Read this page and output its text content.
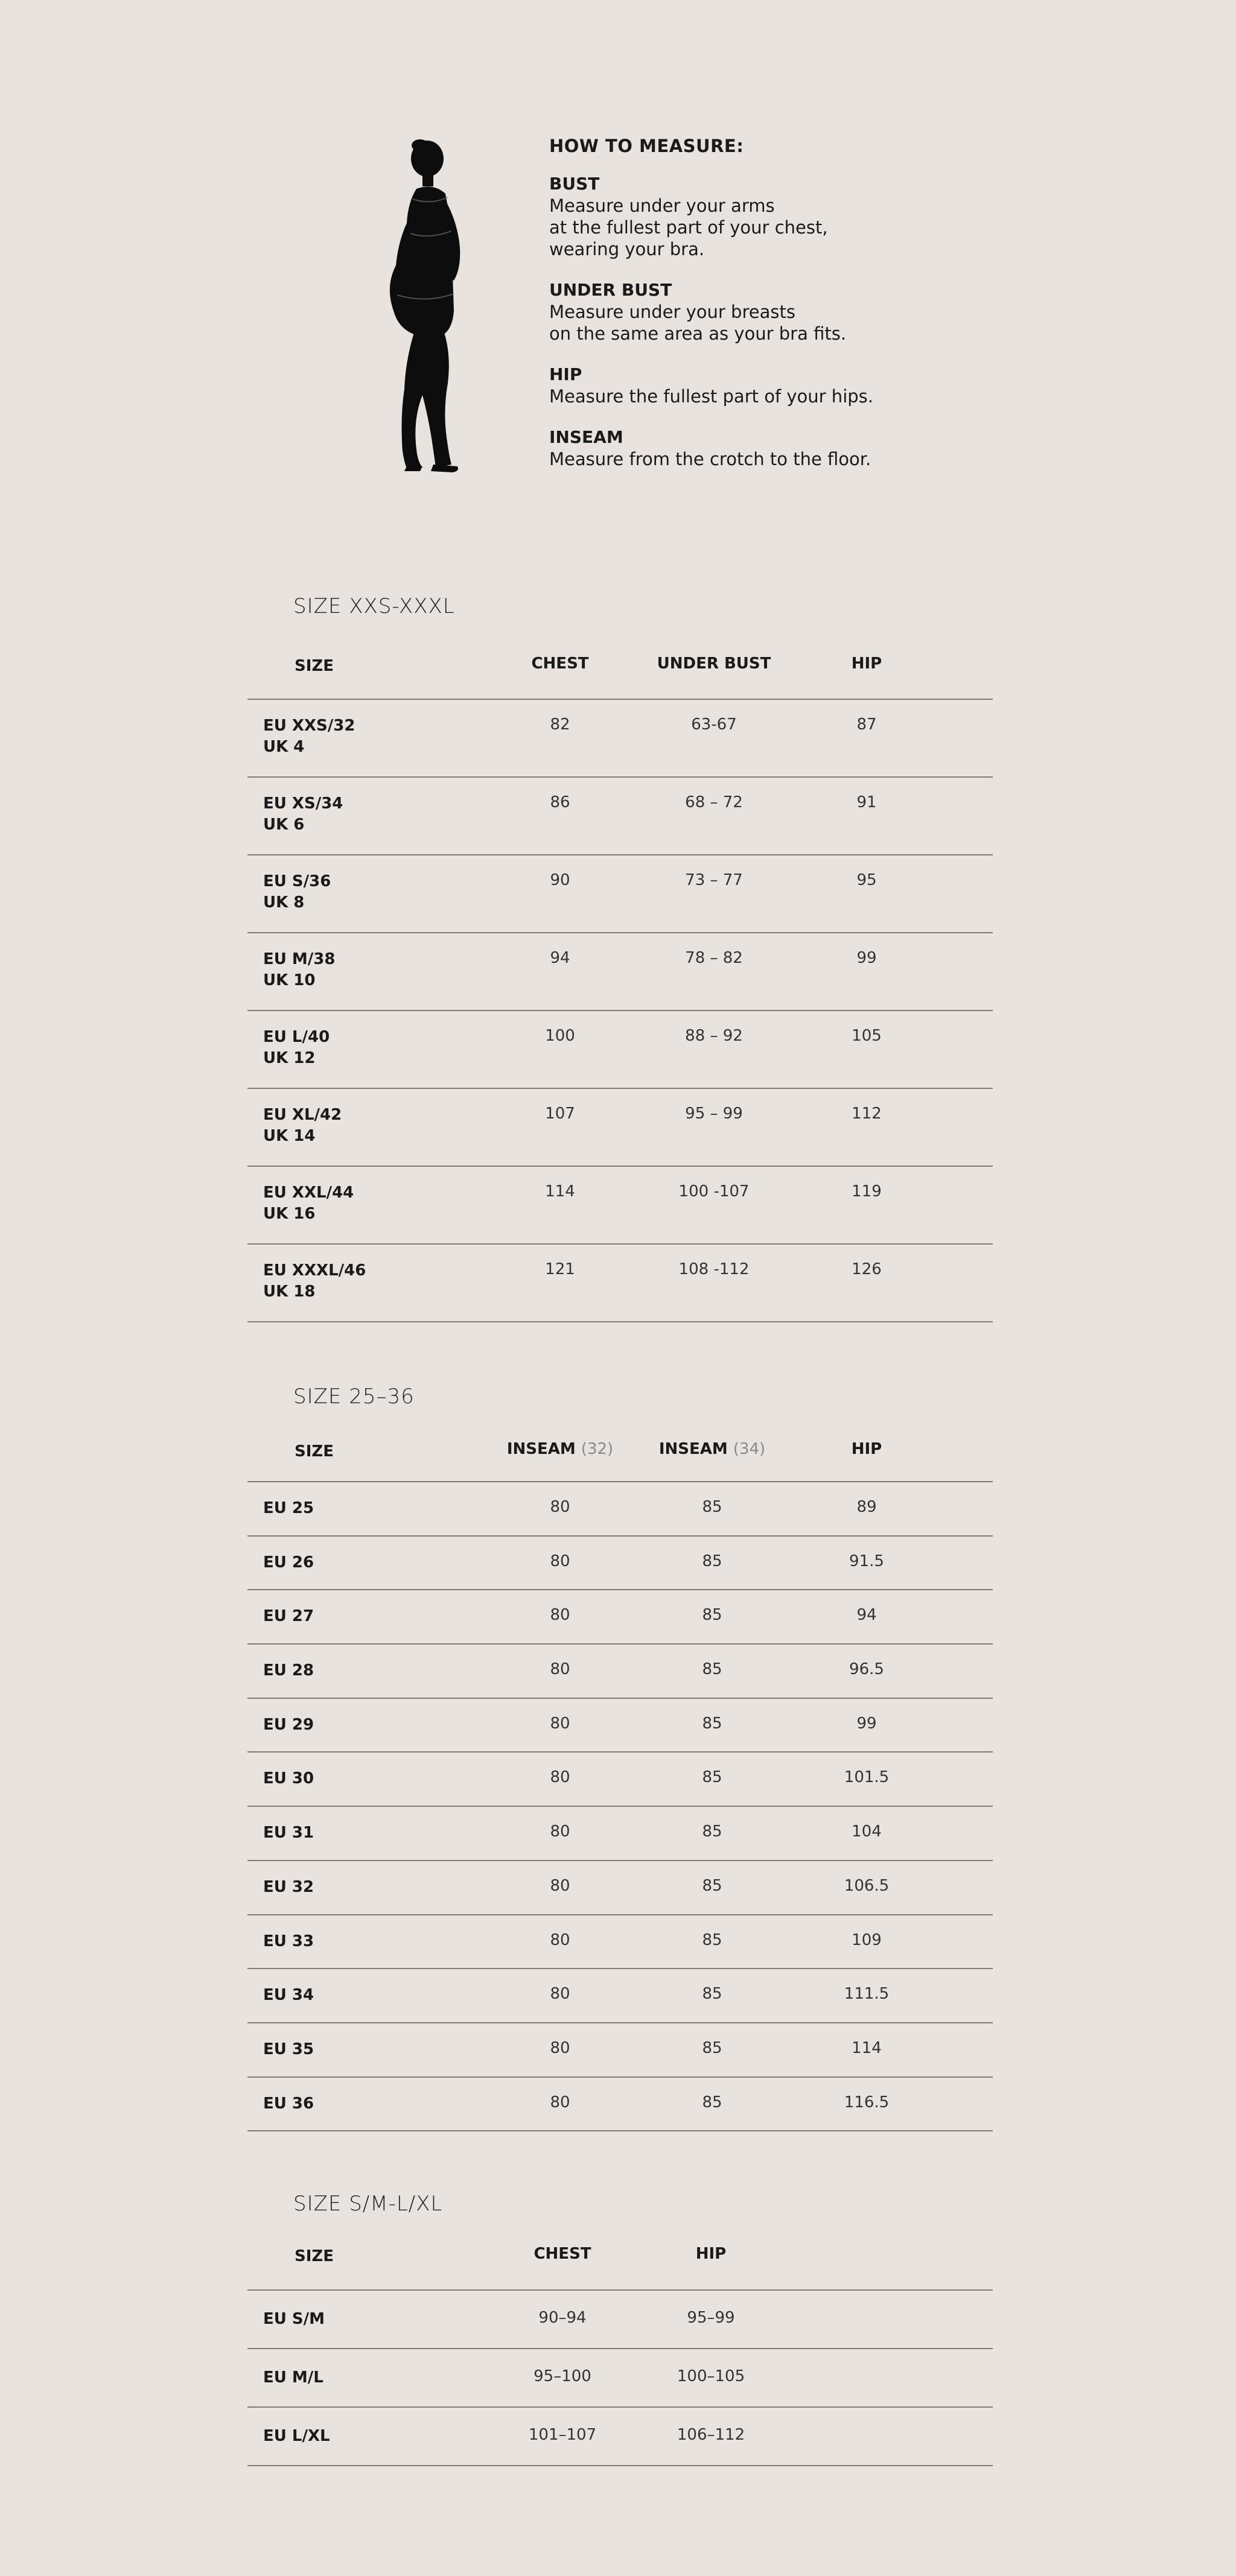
HOW TO MEASURE:
BUST
Measure under your arms
at the fullest part of your chest,
wearing your bra.
UNDER BUST
Measure under your breasts
on the same area as your bra fits.
HIP
Measure the fullest part of your hips.
INSEAM
Measure from the crotch to the floor.
SIZE XXS-XXXL
SIZE	CHEST	UNDER BUST	HIP
EU XXS/32
UK 4
82	63-67	87
EU XS/34
UK 6
86	68 – 72	91
EU S/36
UK 8
90	73 – 77	95
EU M/38
UK 10
94	78 – 82	99
EU L/40
UK 12
100	88 – 92	105
EU XL/42
UK 14
107	95 – 99	112
EU XXL/44
UK 16
114	100 -107	119
EU XXXL/46
UK 18
121	108 -112	126
SIZE 25–36
SIZE	INSEAM (32)	INSEAM (34)	HIP
EU 25	80	85	89
EU 26	80	85	91.5
EU 27	80	85	94
EU 28	80	85	96.5
EU 29	80	85	99
EU 30	80	85	101.5
EU 31	80	85	104
EU 32	80	85	106.5
EU 33	80	85	109
EU 34	80	85	111.5
EU 35	80	85	114
EU 36	80	85	116.5
SIZE S/M-L/XL
SIZE	CHEST	HIP
EU S/M	90–94	95–99
EU M/L	95–100	100–105
EU L/XL	101–107	106–112
